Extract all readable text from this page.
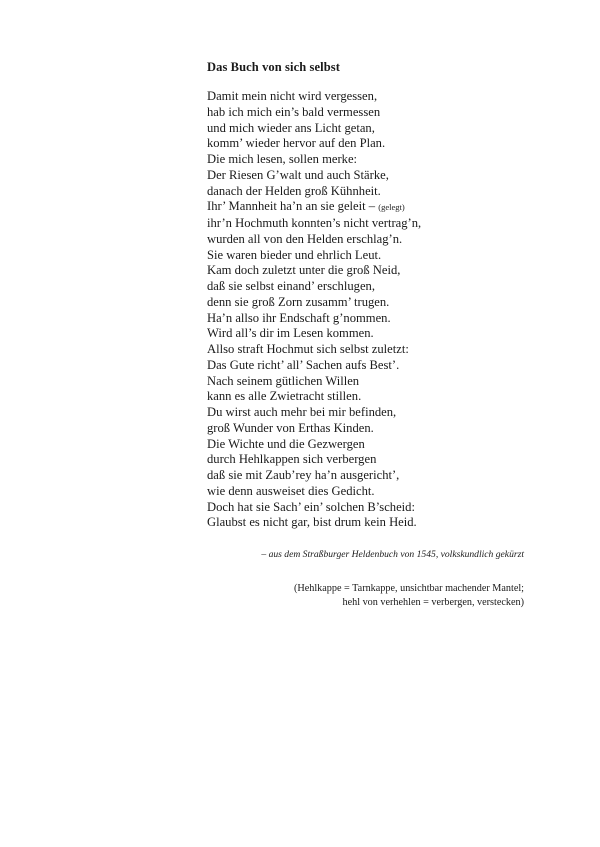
Das Buch von sich selbst
Damit mein nicht wird vergessen,
hab ich mich ein’s bald vermessen
und mich wieder ans Licht getan,
komm’ wieder hervor auf den Plan.
Die mich lesen, sollen merke:
Der Riesen G’walt und auch Stärke,
danach der Helden groß Kühnheit.
Ihr’ Mannheit ha’n an sie geleit – (gelegt)
ihr’n Hochmuth konnten’s nicht vertrag’n,
wurden all von den Helden erschlag’n.
Sie waren bieder und ehrlich Leut.
Kam doch zuletzt unter die groß Neid,
daß sie selbst einand’ erschlugen,
denn sie groß Zorn zusamm’ trugen.
Ha’n allso ihr Endschaft g’nommen.
Wird all’s dir im Lesen kommen.
Allso straft Hochmut sich selbst zuletzt:
Das Gute richt’ all’ Sachen aufs Best’.
Nach seinem gütlichen Willen
kann es alle Zwietracht stillen.
Du wirst auch mehr bei mir befinden,
groß Wunder von Erthas Kinden.
Die Wichte und die Gezwergen
durch Hehlkappen sich verbergen
daß sie mit Zaub’rey ha’n ausgericht’,
wie denn ausweiset dies Gedicht.
Doch hat sie Sach’ ein’ solchen B’scheid:
Glaubst es nicht gar, bist drum kein Heid.
– aus dem Straßburger Heldenbuch von 1545, volkskundlich gekürzt
(Hehlkappe = Tarnkappe, unsichtbar machender Mantel;
hehl von verhehlen = verbergen, verstecken)
